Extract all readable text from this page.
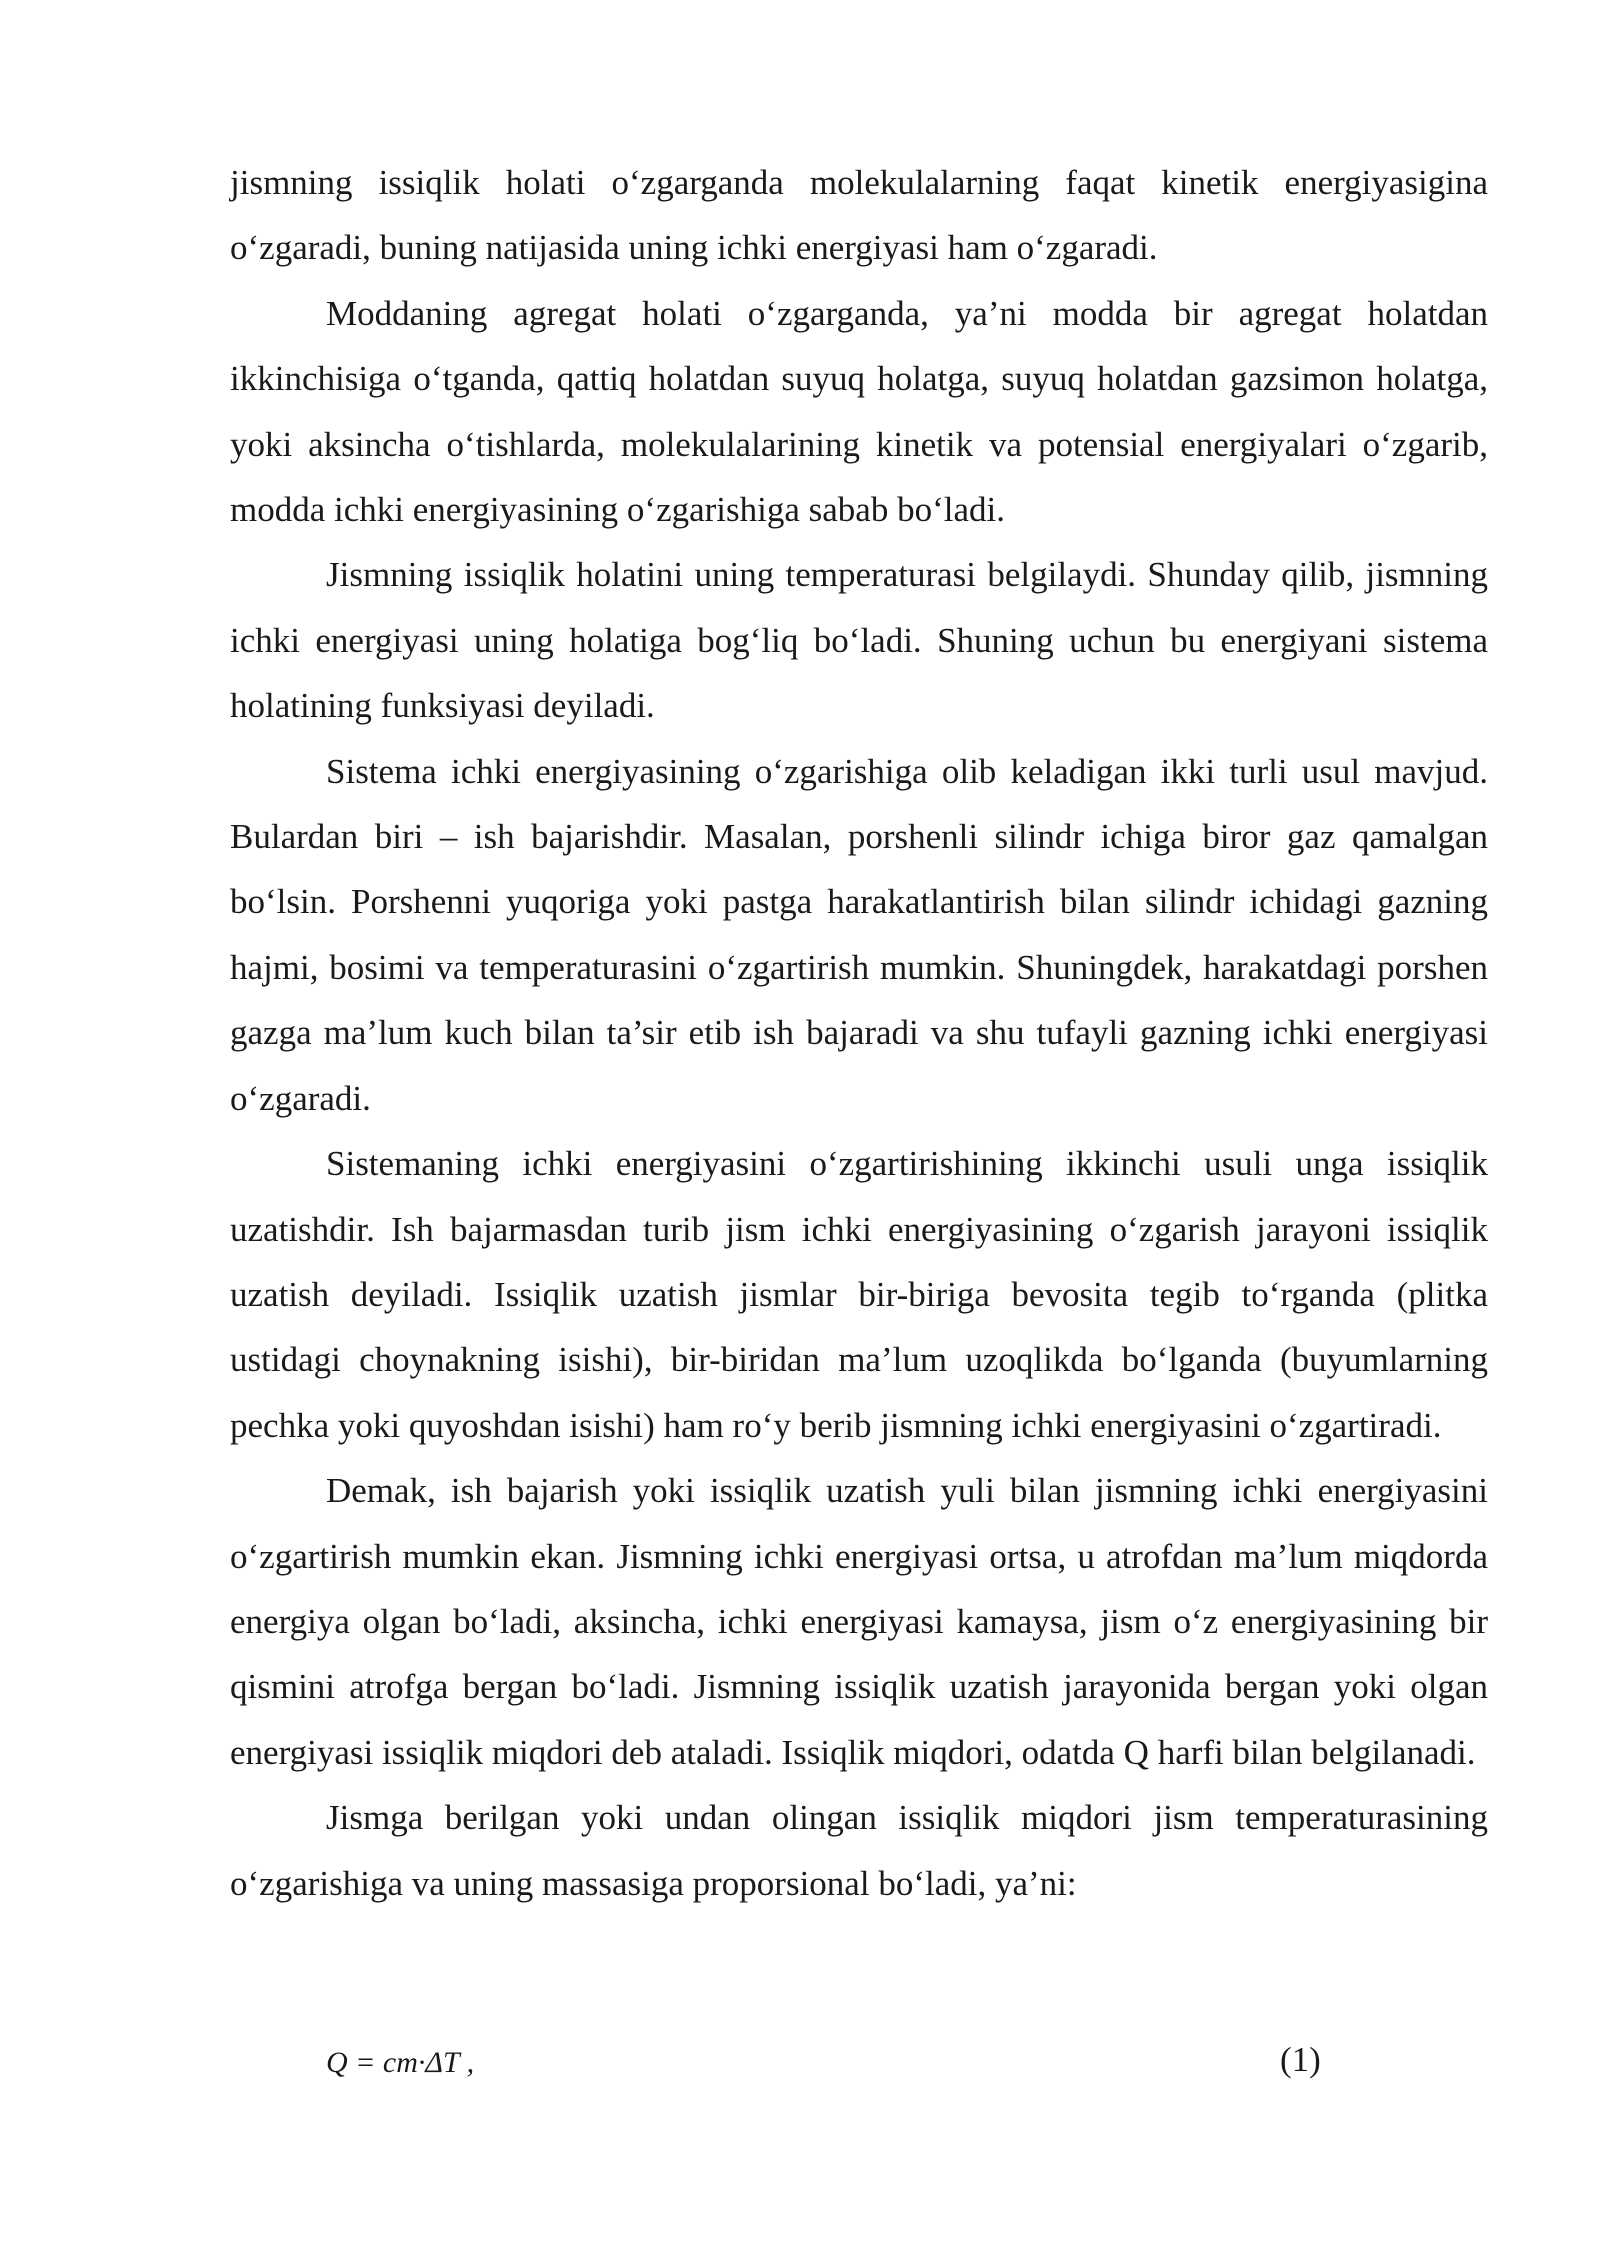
jismning issiqlik holati o‘zgarganda molekulalarning faqat kinetik energiyasigina o‘zgaradi, buning natijasida uning ichki energiyasi ham o‘zgaradi.

Moddaning agregat holati o‘zgarganda, ya’ni modda bir agregat holatdan ikkinchisiga o‘tganda, qattiq holatdan suyuq holatga, suyuq holatdan gazsimon holatga, yoki aksincha o‘tishlarda, molekulalarining kinetik va potensial energiyalari o‘zgarib, modda ichki energiyasining o‘zgarishiga sabab bo‘ladi.

Jismning issiqlik holatini uning temperaturasi belgilaydi. Shunday qilib, jismning ichki energiyasi uning holatiga bog‘liq bo‘ladi. Shuning uchun bu energiyani sistema holatining funksiyasi deyiladi.

Sistema ichki energiyasining o‘zgarishiga olib keladigan ikki turli usul mavjud. Bulardan biri – ish bajarishdir. Masalan, porshenli silindr ichiga biror gaz qamalgan bo‘lsin. Porshenni yuqoriga yoki pastga harakatlantirish bilan silindr ichidagi gazning hajmi, bosimi va temperaturasini o‘zgartirish mumkin. Shuningdek, harakatdagi porshen gazga ma’lum kuch bilan ta’sir etib ish bajaradi va shu tufayli gazning ichki energiyasi o‘zgaradi.

Sistemaning ichki energiyasini o‘zgartirishining ikkinchi usuli unga issiqlik uzatishdir. Ish bajarmasdan turib jism ichki energiyasining o‘zgarish jarayoni issiqlik uzatish deyiladi. Issiqlik uzatish jismlar bir-biriga bevosita tegib to‘rganda (plitka ustidagi choynakning isishi), bir-biridan ma’lum uzoqlikda bo‘lganda (buyumlarning pechka yoki quyoshdan isishi) ham ro‘y berib jismning ichki energiyasini o‘zgartiradi.

Demak, ish bajarish yoki issiqlik uzatish yuli bilan jismning ichki energiyasini o‘zgartirish mumkin ekan. Jismning ichki energiyasi ortsa, u atrofdan ma’lum miqdorda energiya olgan bo‘ladi, aksincha, ichki energiyasi kamaysa, jism o‘z energiyasining bir qismini atrofga bergan bo‘ladi. Jismning issiqlik uzatish jarayonida bergan yoki olgan energiyasi issiqlik miqdori deb ataladi. Issiqlik miqdori, odatda Q harfi bilan belgilanadi.

Jismga berilgan yoki undan olingan issiqlik miqdori jism temperaturasining o‘zgarishiga va uning massasiga proporsional bo‘ladi, ya’ni:

Q = cm·ΔT ,	(1)
